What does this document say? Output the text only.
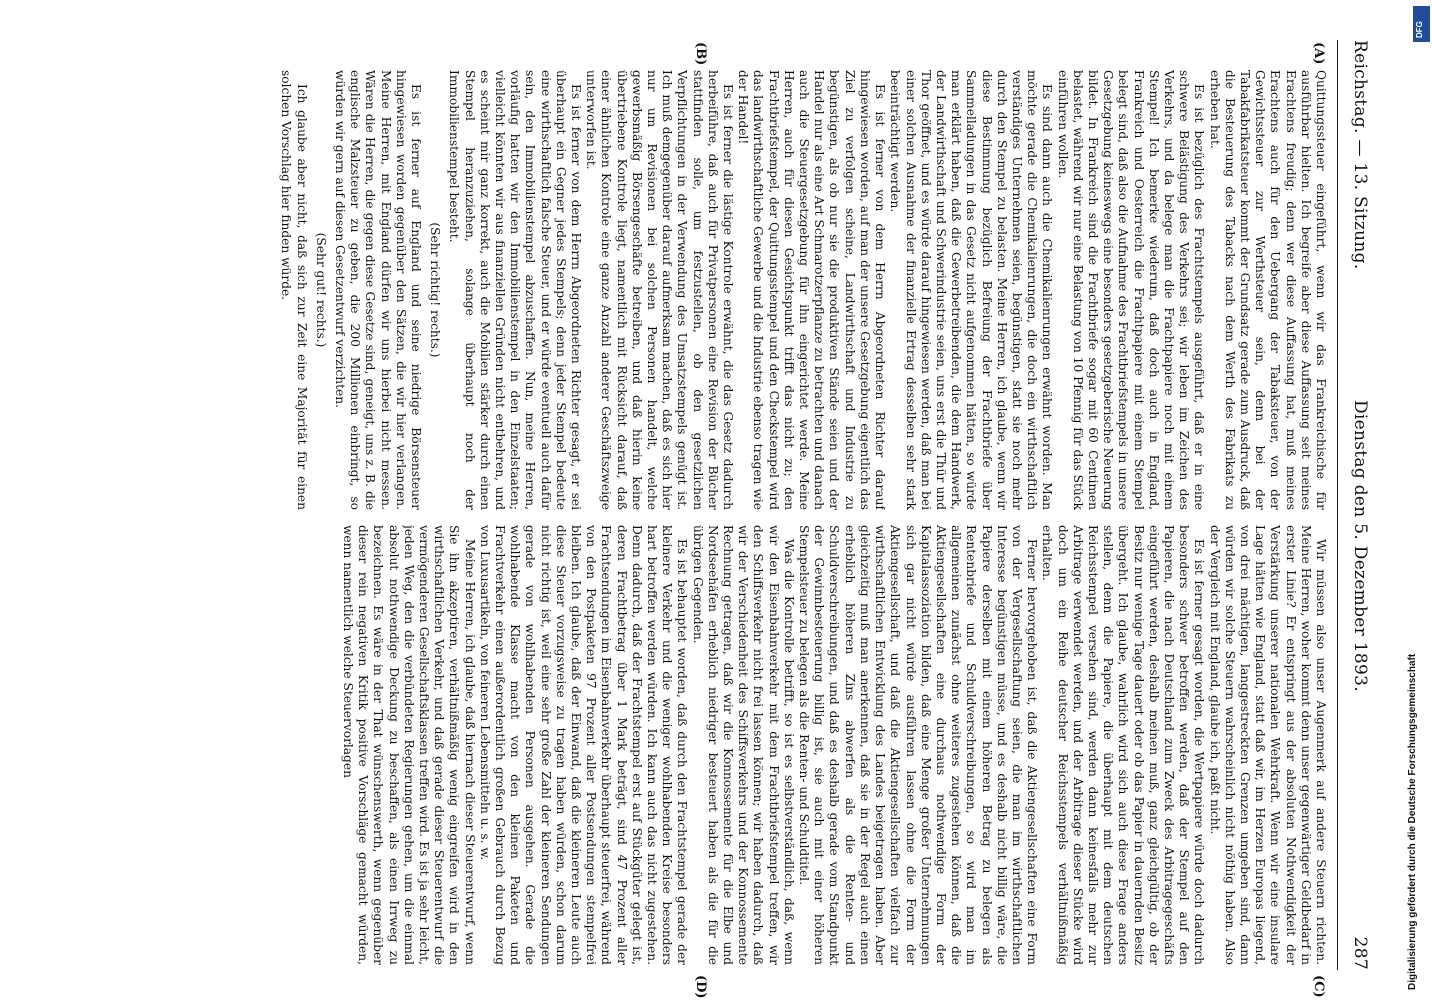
Reichstag. — 13. Sitzung.
Dienstag den 5. Dezember 1893.
287
(A)
(B)
(C)
(D)

Quittungssteuer eingeführt, wenn wir das Frankreichische für ausführbar hielten. Ich begreife aber diese Auffassung seit meines Erachtens freudig; denn wer diese Auffassung hat, muß meines Erachtens auch für den Uebergang der Tabaksteuer, von der Gewichtssteuer zur Werthsteuer sein, denn bei der Tabakfabrikatsteuer kommt der Grundsatz gerade zum Ausdruck, daß die Besteuerung des Tabacks nach dem Werth des Fabrikats zu erheben hat.

Es ist bezüglich des Frachtstempels ausgeführt, daß er in eine schwere Belästigung des Verkehrs sei; wir leben im Zeichen des Verkehrs, und da belege man die Frachtpapiere noch mit einem Stempel! Ich bemerke wiederum, daß doch auch in England, Frankreich und Oesterreich die Frachtpapiere mit einem Stempel belegt sind, daß also die Aufnahme des Frachtbriefstempels in unsere Gesetzgebung keineswegs eine besonders gesetzgeberische Neuerung bildet. In Frankreich sind die Frachtbriefe sogar mit 60 Centimen belastet, während wir nur eine Belastung von 10 Pfennig für das Stück einführen wollen.

Es sind dann auch die Chemikalienrungen erwähnt worden. Man möchte gerade die Chemikalienrungen, die doch ein wirthschaftlich verständiges Unternehmen seien, begünstigen, statt sie noch mehr durch den Stempel zu belasten. Meine Herren, ich glaube, wenn wir diese Bestimmung bezüglich Befreiung der Frachtbriefe über Sammelladungen in das Gesetz nicht aufgenommen hätten, so würde man erklärt haben, daß die Gewerbetreibenden, die dem Handwerk, der Landwirthschaft und Schwerindustrie seien, uns erst die Thür und Thor geöffnet, und es würde darauf hingewiesen werden, daß man bei einer solchen Ausnahme der finanzielle Ertrag desselben sehr stark beeinträchtigt werden.

Es ist ferner von dem Herrn Abgeordneten Richter darauf hingewiesen worden, auf man der unsere Gesetzgebung eigentlich das Ziel zu verfolgen scheine, Landwirthschaft und Industrie zu begünstigen, als ob nur sie die produktiven Stände seien und der Handel nur als eine Art Schmarotzerpflanze zu betrachten und danach auch die Steuergesetzgebung für ihn eingerichtet werde. Meine Herren, auch für diesen Gesichtspunkt trifft das nicht zu; den Frachtbriefstempel, der Quittungsstempel und den Checkstempel wird das landwirthschaftliche Gewerbe und die Industrie ebenso tragen wie der Handel!

Es ist ferner die lästige Kontrole erwähnt, die das Gesetz dadurch herbeiführe, daß auch für Privatpersonen eine Revision der Bücher stattfinden solle, um festzustellen, ob den gesetzlichen Verpflichtungen in der Verwendung des Umsatzstempels genügt ist. Ich muß demgegenüber darauf aufmerksam machen, daß es sich hier nur um Revisionen bei solchen Personen handelt, welche gewerbsmäßig Börsengeschäfte betreiben, und daß hierin keine übertriebene Kontrole liegt, namentlich mit Rücksicht darauf, daß einer ähnlichen Kontrole eine ganze Anzahl anderer Geschäftszweige unterworfen ist.

Es ist ferner von dem Herrn Abgeordneten Richter gesagt, er sei überhaupt ein Gegner jedes Stempels; denn jeder Stempel bedeute eine wirthschaftlich falsche Steuer, und er würde eventuell auch dafür sein, den Immobilienstempel abzuschaffen. Nun, meine Herren, vorläufig hatten wir den Immobilienstempel in den Einzelstaaten; vielleicht könnten wir aus finanziellen Gründen nicht entbehren, und es scheint mir ganz korrekt, auch die Mobilien stärker durch einen Stempel heranzuziehen, solange überhaupt noch der Immobilienstempel besteht.

(Sehr richtig! rechts.)

Es ist ferner auf England und seine niedrige Börsensteuer hingewiesen worden gegenüber den Sätzen, die wir hier verlangen. Meine Herren, mit England dürfen wir uns hierbei nicht messen. Wären die Herren, die gegen diese Gesetze sind, geneigt, uns z. B. die englische Malzsteuer zu geben, die 200 Millionen einbringt, so würden wir gern auf diesen Gesetzentwurf verzichten.

(Sehr gut! rechts.)

Ich glaube aber nicht, daß sich zur Zeit eine Majorität für einen solchen Vorschlag hier finden würde.

Wir müssen also unser Augenmerk auf andere Steuern richten. Meine Herren, woher kommt denn unser gegenwärtiger Geldbedarf in erster Linie? Er entspringt aus der absoluten Nothwendigkeit der Verstärkung unserer nationalen Wehrkraft. Wenn wir eine insulare Lage hätten wie England, statt daß wir, im Herzen Europas liegend, von drei mächtigen, langgestreckten Grenzen umgeben sind, dann würden wir solche Steuern wahrscheinlich nicht nöthig haben. Also der Vergleich mit England, glaube ich, paßt nicht.

Es ist ferner gesagt worden, die Wertpapiere würde doch dadurch besonders schwer betroffen werden, daß der Stempel auf den Papieren, die nach Deutschland zum Zweck des Arbitragegeschäfts eingeführt werden, deshalb meinen muß, ganz gleichgültig, ob der Besitz nur wenige Tage dauert oder ob das Papier in dauernden Besitz übergeht. Ich glaube, wahrlich wird sich auch diese Frage anders stellen, denn die Papiere, die überhaupt mit dem deutschen Reichsstempel versehen sind, werden dann keinesfalls mehr zur Arbitrage verwendet werden, und der Arbitrage dieser Stücke wird doch um ein Reihe deutscher Reichsstempels verhältnißmäßig erhalten.

Ferner hervorgehoben ist, daß die Aktiengesellschaften eine Form von der Vergesellschaftung seien, die man im wirthschaftlichen Interesse begünstigen müsse, und es deshalb nicht billig wäre, die Papiere derselben mit einem höheren Betrag zu belegen als Rentenbriefe und Schuldverschreibungen, so wird man im allgemeinen zunächst ohne weiteres zugestehen können, daß die Aktiengesellschaften eine durchaus nothwendige Form der Kapitalassoziation bilden, daß eine Menge großer Unternehmungen sich gar nicht würde ausführen lassen ohne die Form der Aktiengesellschaft, und daß die Aktiengesellschaften vielfach zur wirthschaftlichen Entwicklung des Landes beigetragen haben. Aber gleichzeitig muß man anerkennen, daß sie in der Regel auch einen erheblich höheren Zins abwerfen als die Renten- und Schuldverschreibungen, und daß es deshalb gerade vom Standpunkt der Gewinnbesteuerung billig ist, sie auch mit einer höheren Stempelsteuer zu belegen als die Renten- und Schuldtitel.

Was die Kontrolle betrifft, so ist es selbstverständlich, daß, wenn wir den Eisenbahnverkehr mit dem Frachtbriefstempel treffen, wir den Schiffsverkehr nicht frei lassen können; wir haben dadurch, daß wir der Verschiedenheit des Schiffsverkehrs und der Konnossemente Rechnung getragen, daß wir die Konnossemente für die Elbe und Nordseehäfen erheblich niedriger besteuert haben als die für die übrigen Gegenden.

Es ist behauptet worden, daß durch den Frachtstempel gerade der kleinere Verkehr und die weniger wohlhabenden Kreise besonders hart betroffen werden würden. Ich kann auch das nicht zugestehen. Denn dadurch, daß der Frachtstempel erst auf Stückgüter gelegt ist, deren Frachtbetrag über 1 Mark beträgt, sind 47 Prozent aller Frachtsendungen im Eisenbahnverkehr überhaupt steuerfrei, während von den Postpaketen 97 Prozent aller Postsendungen stempelfrei bleiben. Ich glaube, daß der Einwand, daß die kleineren Leute auch diese Steuer vorzugsweise zu tragen haben würden, schon darum nicht richtig ist, weil eine sehr große Zahl der kleineren Sendungen gerade von wohlhabenden Personen ausgehen. Gerade die wohlhabende Klasse macht von den kleinen Paketen und Frachtverkehr einen außerordentlich großen Gebrauch durch Bezug von Luxusartikeln, von feineren Lebensmitteln u. s. w.

Meine Herren, ich glaube, daß hiernach dieser Steuerentwurf, wenn Sie ihn akzeptiren, verhältnißmäßig wenig eingreifen wird in den wirthschaftlichen Verkehr, und daß gerade dieser Steuerentwurf die vermögenderen Gesellschaftsklassen treffen wird. Es ist ja sehr leicht, jeden Weg, den die verbündeten Regierungen gehen, um die einmal absolut nothwendige Deckung zu beschaffen, als einen Irrweg zu bezeichnen. Es wäre in der That wünschenswerth, wenn gegenüber dieser rein negativen Kritik positive Vorschläge gemacht würden, wenn namentlich welche Steuervorlagen

Digitalisierung gefördert durch die Deutsche Forschungsgemeinschaft
DFG
